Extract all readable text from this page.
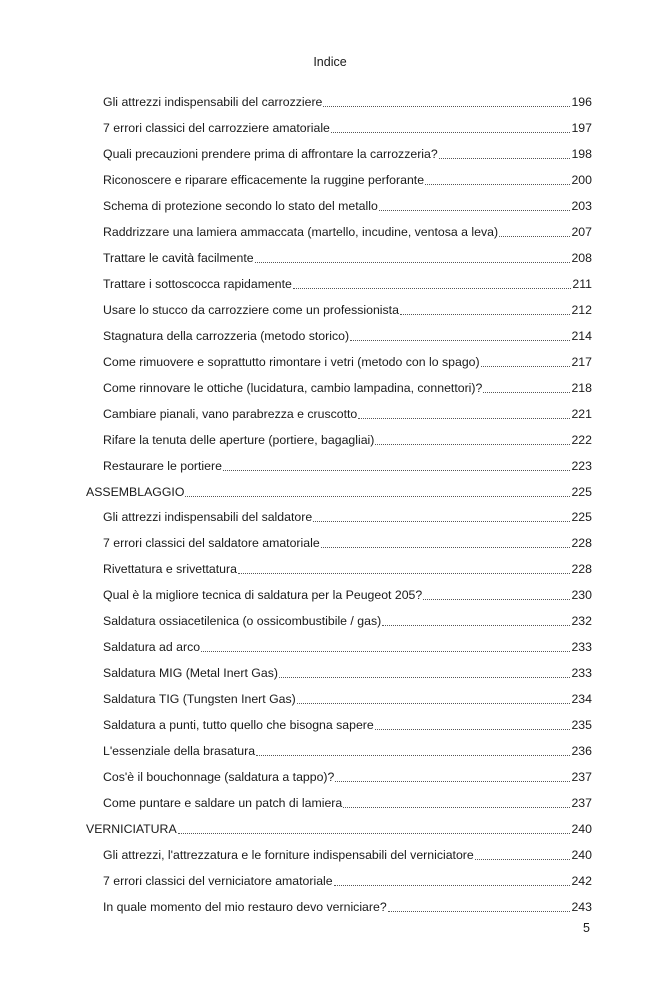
Indice
Gli attrezzi indispensabili del carrozziere	196
7 errori classici del carrozziere amatoriale	197
Quali precauzioni prendere prima di affrontare la carrozzeria?	198
Riconoscere e riparare efficacemente la ruggine perforante	200
Schema di protezione secondo lo stato del metallo	203
Raddrizzare una lamiera ammaccata (martello, incudine, ventosa a leva)	207
Trattare le cavità facilmente	208
Trattare i sottoscocca rapidamente	211
Usare lo stucco da carrozziere come un professionista	212
Stagnatura della carrozzeria (metodo storico)	214
Come rimuovere e soprattutto rimontare i vetri (metodo con lo spago)	217
Come rinnovare le ottiche (lucidatura, cambio lampadina, connettori)?	218
Cambiare pianali, vano parabrezza e cruscotto	221
Rifare la tenuta delle aperture (portiere, bagagliai)	222
Restaurare le portiere	223
ASSEMBLAGGIO	225
Gli attrezzi indispensabili del saldatore	225
7 errori classici del saldatore amatoriale	228
Rivettatura e srivettatura	228
Qual è la migliore tecnica di saldatura per la Peugeot 205?	230
Saldatura ossiacetilenica (o ossicombustibile / gas)	232
Saldatura ad arco	233
Saldatura MIG (Metal Inert Gas)	233
Saldatura TIG (Tungsten Inert Gas)	234
Saldatura a punti, tutto quello che bisogna sapere	235
L'essenziale della brasatura	236
Cos'è il bouchonnage (saldatura a tappo)?	237
Come puntare e saldare un patch di lamiera	237
VERNICIATURA	240
Gli attrezzi, l'attrezzatura e le forniture indispensabili del verniciatore	240
7 errori classici del verniciatore amatoriale	242
In quale momento del mio restauro devo verniciare?	243
5
